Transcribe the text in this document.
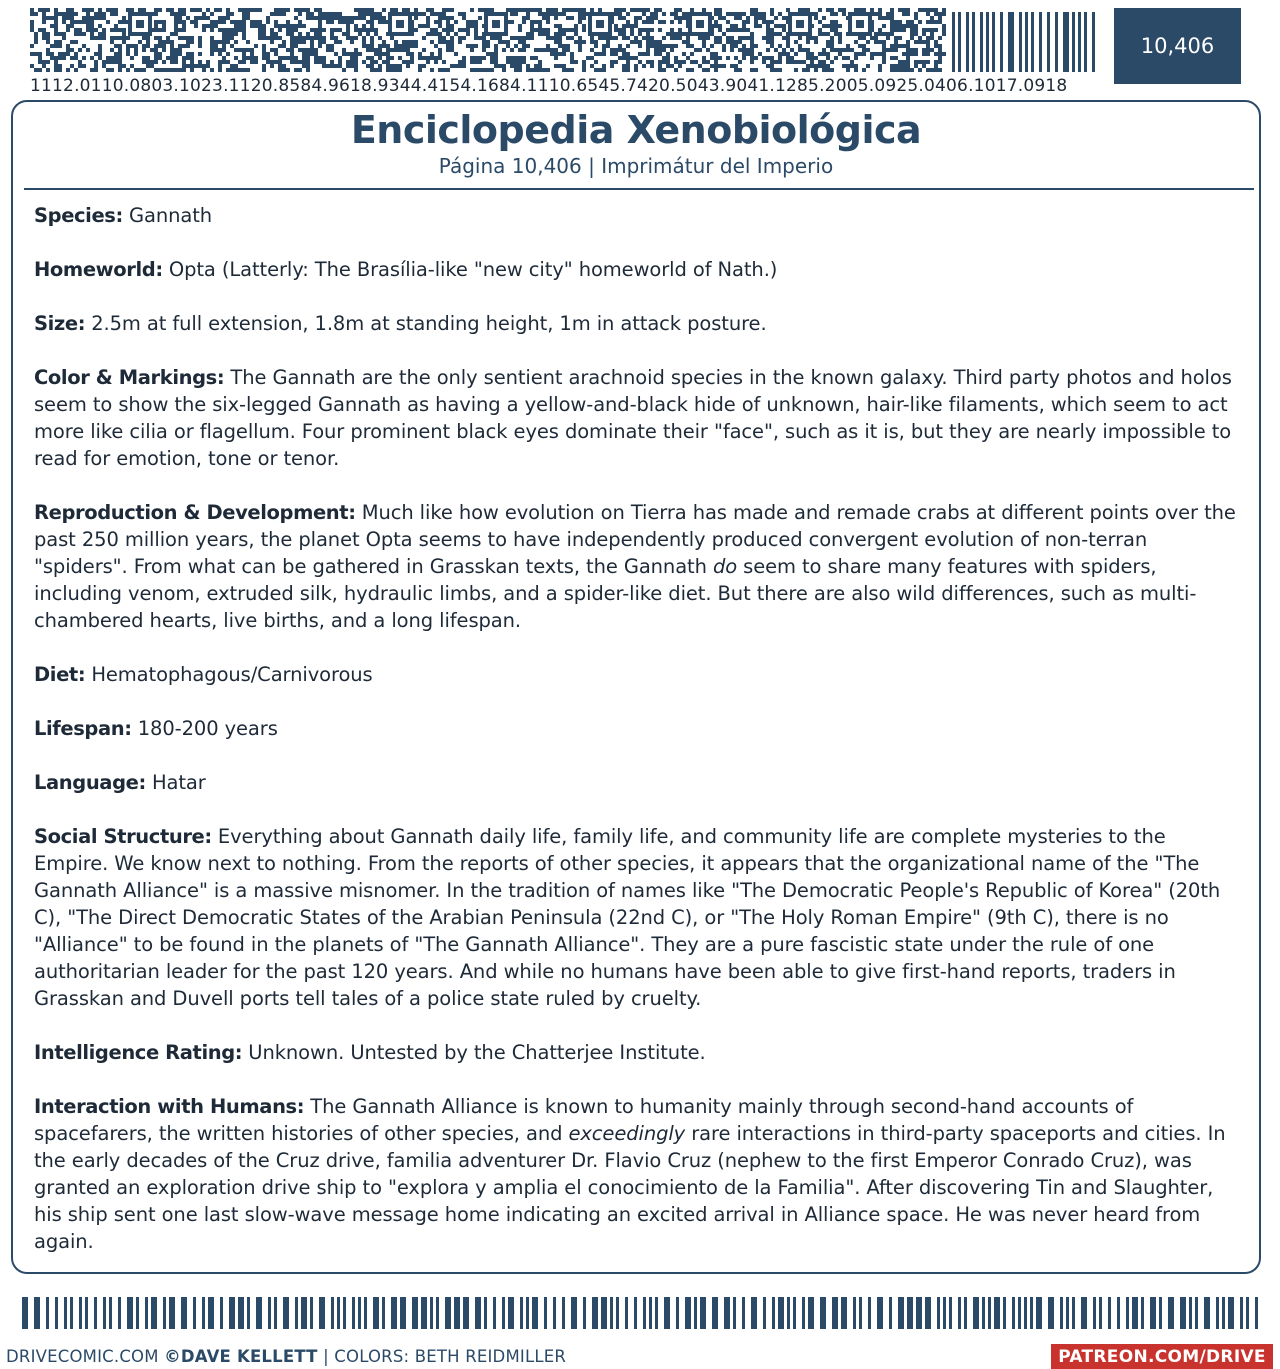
1112.0110.0803.1023.1120.8584.9618.9344.4154.1684.1110.6545.7420.5043.9041.1285.2005.0925.0406.1017.0918
10,406
Enciclopedia Xenobiológica
Página 10,406 | Imprimátur del Imperio

Species: Gannath

Homeworld: Opta (Latterly: The Brasília-like "new city" homeworld of Nath.)

Size: 2.5m at full extension, 1.8m at standing height, 1m in attack posture.

Color & Markings: The Gannath are the only sentient arachnoid species in the known galaxy. Third party photos and holos seem to show the six-legged Gannath as having a yellow-and-black hide of unknown, hair-like filaments, which seem to act more like cilia or flagellum. Four prominent black eyes dominate their "face", such as it is, but they are nearly impossible to read for emotion, tone or tenor.

Reproduction & Development: Much like how evolution on Tierra has made and remade crabs at different points over the past 250 million years, the planet Opta seems to have independently produced convergent evolution of non-terran "spiders". From what can be gathered in Grasskan texts, the Gannath do seem to share many features with spiders, including venom, extruded silk, hydraulic limbs, and a spider-like diet. But there are also wild differences, such as multi-chambered hearts, live births, and a long lifespan.

Diet: Hematophagous/Carnivorous

Lifespan: 180-200 years

Language: Hatar

Social Structure: Everything about Gannath daily life, family life, and community life are complete mysteries to the Empire. We know next to nothing. From the reports of other species, it appears that the organizational name of the "The Gannath Alliance" is a massive misnomer. In the tradition of names like "The Democratic People's Republic of Korea" (20th C), "The Direct Democratic States of the Arabian Peninsula (22nd C), or "The Holy Roman Empire" (9th C), there is no "Alliance" to be found in the planets of "The Gannath Alliance". They are a pure fascistic state under the rule of one authoritarian leader for the past 120 years. And while no humans have been able to give first-hand reports, traders in Grasskan and Duvell ports tell tales of a police state ruled by cruelty.

Intelligence Rating: Unknown. Untested by the Chatterjee Institute.

Interaction with Humans: The Gannath Alliance is known to humanity mainly through second-hand accounts of spacefarers, the written histories of other species, and exceedingly rare interactions in third-party spaceports and cities. In the early decades of the Cruz drive, familia adventurer Dr. Flavio Cruz (nephew to the first Emperor Conrado Cruz), was granted an exploration drive ship to "explora y amplia el conocimiento de la Familia". After discovering Tin and Slaughter, his ship sent one last slow-wave message home indicating an excited arrival in Alliance space. He was never heard from again.

DRIVECOMIC.COM ©DAVE KELLETT | COLORS: BETH REIDMILLER	PATREON.COM/DRIVE
